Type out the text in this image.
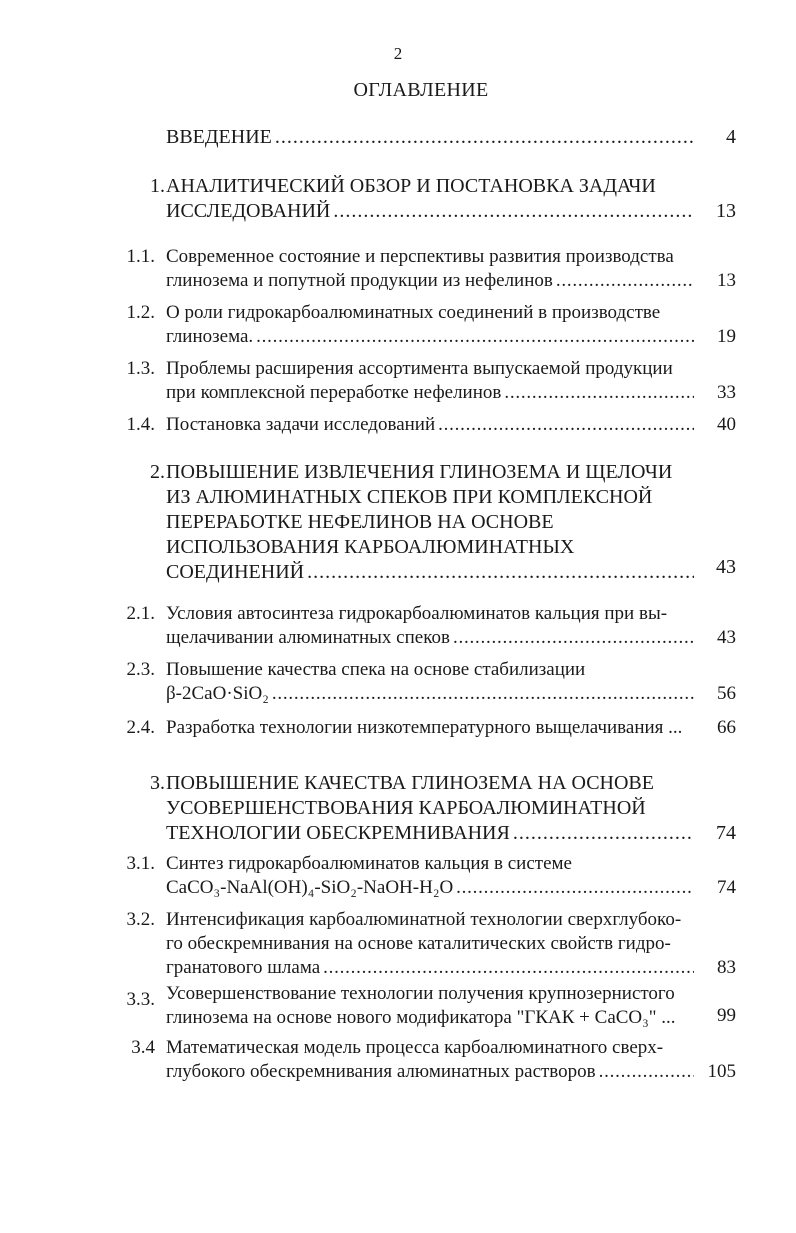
2
ОГЛАВЛЕНИЕ
ВВЕДЕНИЕ . . .	4
1. АНАЛИТИЧЕСКИЙ ОБЗОР И ПОСТАНОВКА ЗАДАЧИ
ИССЛЕДОВАНИЙ . . .	13
1.1. Современное состояние и перспективы развития производства
глинозема и попутной продукции из нефелинов . . .	13
1.2. О роли гидрокарбоалюминатных соединений в производстве
глинозема. . . .	19
1.3. Проблемы расширения ассортимента выпускаемой продукции
при комплексной переработке нефелинов . . .	33
1.4. Постановка задачи исследований . . .	40
2. ПОВЫШЕНИЕ ИЗВЛЕЧЕНИЯ ГЛИНОЗЕМА И ЩЕЛОЧИ
ИЗ АЛЮМИНАТНЫХ СПЕКОВ ПРИ КОМПЛЕКСНОЙ
ПЕРЕРАБОТКЕ НЕФЕЛИНОВ НА ОСНОВЕ
ИСПОЛЬЗОВАНИЯ КАРБОАЛЮМИНАТНЫХ
СОЕДИНЕНИЙ . . .	43
2.1. Условия автосинтеза гидрокарбоалюминатов кальция при вы-
щелачивании алюминатных спеков . . .	43
2.3. Повышение качества спека на основе стабилизации
β-2CaO·SiO₂ . . .	56
2.4. Разработка технологии низкотемпературного выщелачивания ...	66
3. ПОВЫШЕНИЕ КАЧЕСТВА ГЛИНОЗЕМА НА ОСНОВЕ
УСОВЕРШЕНСТВОВАНИЯ КАРБОАЛЮМИНАТНОЙ
ТЕХНОЛОГИИ ОБЕСКРЕМНИВАНИЯ . . .	74
3.1. Синтез гидрокарбоалюминатов кальция в системе
CaCO₃-NaAl(OH)₄-SiO₂-NaOH-H₂O . . .	74
3.2. Интенсификация карбоалюминатной технологии сверхглубоко-
го обескремнивания на основе каталитических свойств гидро-
гранатового шлама
. . .	83
3.3. Усовершенствование технологии получения крупнозернистого
глинозема на основе нового модификатора "ГКАК + CaCO₃" ...	99
3.4 Математическая модель процесса карбоалюминатного сверх-
глубокого обескремнивания алюминатных растворов . . .	105
